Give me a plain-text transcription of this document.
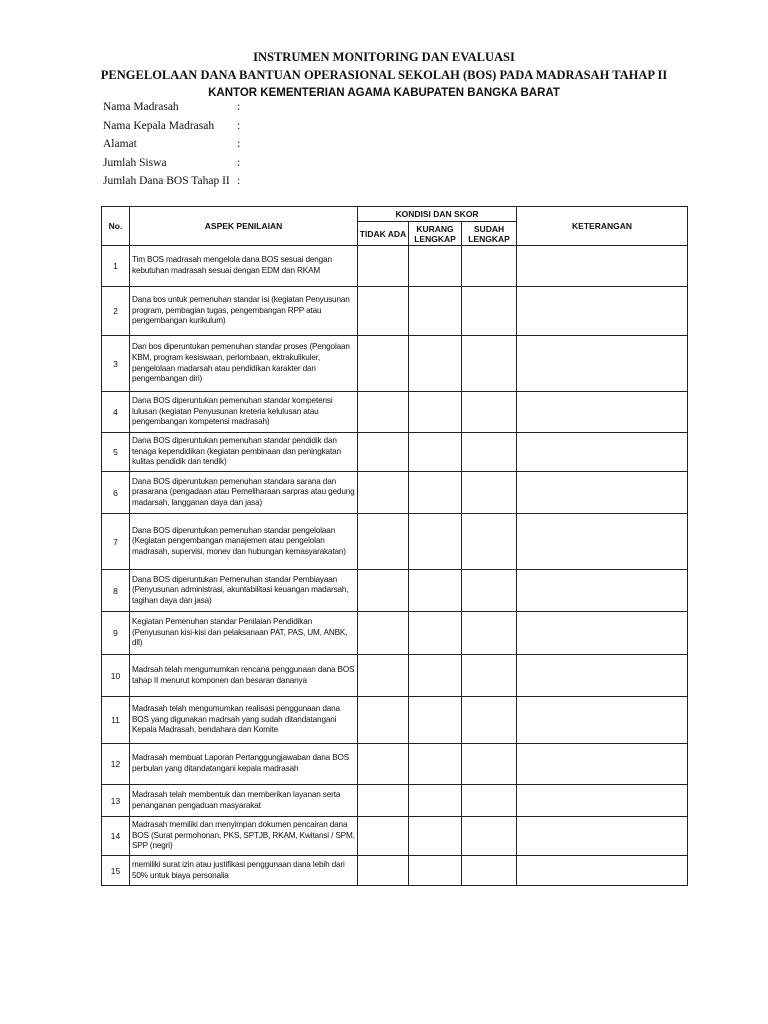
INSTRUMEN MONITORING DAN EVALUASI
PENGELOLAAN DANA BANTUAN OPERASIONAL SEKOLAH (BOS) PADA MADRASAH TAHAP II
KANTOR KEMENTERIAN AGAMA KABUPATEN BANGKA BARAT
Nama Madrasah	:
Nama Kepala Madrasah	:
Alamat	:
Jumlah Siswa	:
Jumlah Dana BOS Tahap II :
No.	ASPEK PENILAIAN	KONDISI DAN SKOR			KETERANGAN
		TIDAK ADA	KURANG LENGKAP	SUDAH LENGKAP	
1	Tim BOS madrasah mengelola dana BOS sesuai dengan kebutuhan madrasah sesuai dengan EDM dan RKAM				
2	Dana bos untuk pemenuhan standar isi (kegiatan Penyusunan program, pembagian tugas, pengembangan RPP atau pengembangan kurikulum)				
3	Dan bos diperuntukan pemenuhan standar proses (Pengolaan KBM, program kesiswaan, perlombaan, ektrakulikuler, pengelolaan madarsah atau pendidikan karakter dan pengembangan diri)				
4	Dana BOS diperuntukan pemenuhan standar kompetensi lulusan (kegiatan Penyusunan kreteria kelulusan atau pengembangan kompetensi madrasah)				
5	Dana BOS diperuntukan pemenuhan standar pendidik dan tenaga kependidikan (kegiatan pembinaan dan peningkatan kulitas pendidik dan tendik)				
6	Dana BOS diperuntukan pemenuhan standara sarana dan prasarana (pengadaan atau Pemeliharaan sarpras atau gedung madarsah, langganan daya dan jasa)				
7	Dana BOS diperuntukan pemenuhan standar pengelolaan (Kegiatan pengembangan manajemen atau pengelolan madrasah, supervisi, monev dan hubungan kemasyarakatan)				
8	Dana BOS diperuntukan Pemenuhan standar Pembiayaan (Penyusunan administrasi, akuntabilitasi keuangan madarsah, tagihan daya dan jasa)				
9	Kegiatan Pemenuhan standar Penilaian Pendidikan (Penyusunan kisi-kisi dan pelaksanaan PAT, PAS, UM, ANBK, dll)				
10	Madrsah telah mengumumkan rencana penggunaan dana BOS tahap II menurut komponen dan besaran dananya				
11	Madrasah telah mengumumkan realisasi penggunaan dana BOS yang digunakan madrsah yang sudah ditandatangani Kepala Madrasah, bendahara dan Komite				
12	Madrasah membuat Laporan Pertanggungjawaban dana BOS perbulan yang ditandatangani kepala madrasah				
13	Madrasah telah membentuk dan memberikan layanan serta penanganan pengaduan masyarakat				
14	Madrasah memiliki dan menyimpan dokumen pencairan dana BOS (Surat permohonan, PKS, SPTJB, RKAM, Kwitansi / SPM, SPP (negri)				
15	memiliki surat izin atau justifikasi penggunaan dana lebih dari 50% untuk biaya personalia				
